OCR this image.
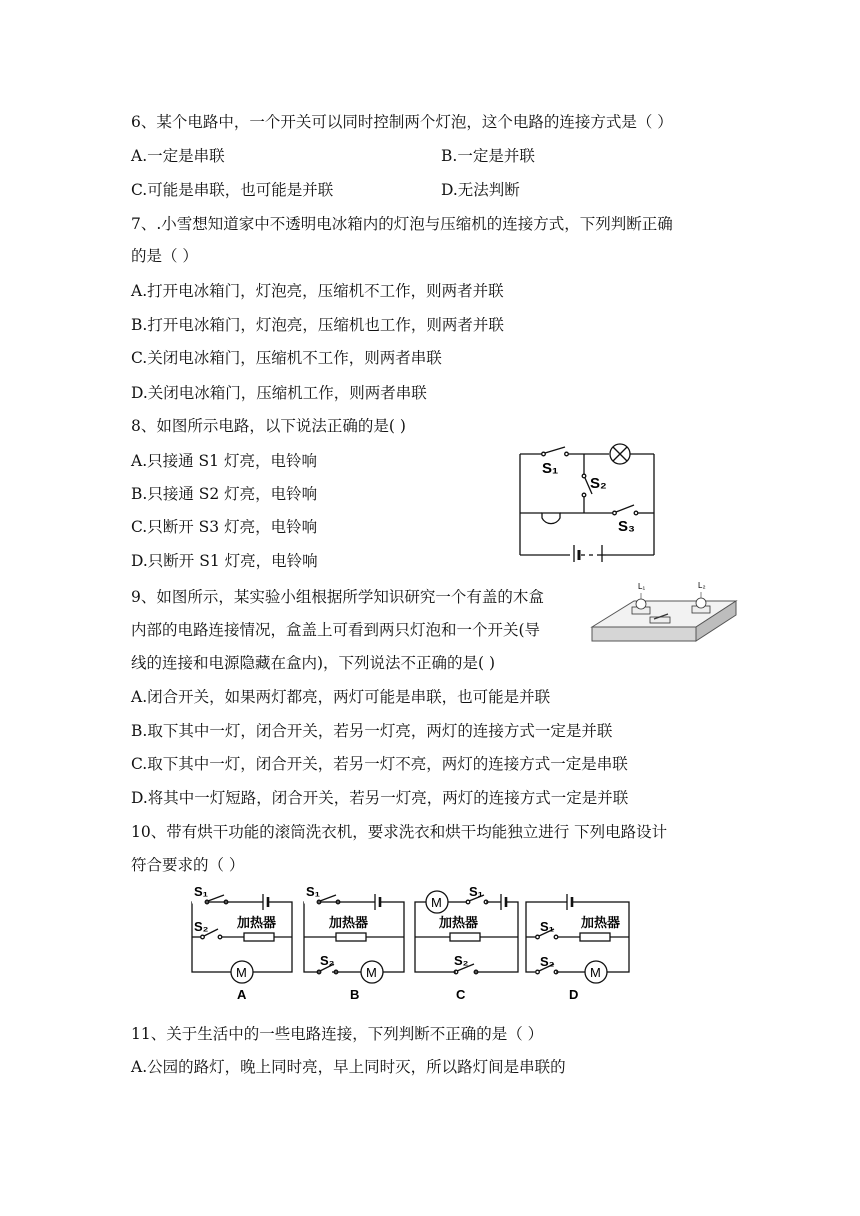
6、某个电路中，一个开关可以同时控制两个灯泡，这个电路的连接方式是（ ）
A.一定是串联	B.一定是并联
C.可能是串联，也可能是并联	D.无法判断
7、.小雪想知道家中不透明电冰箱内的灯泡与压缩机的连接方式，下列判断正确
的是（ ）
A.打开电冰箱门，灯泡亮，压缩机不工作，则两者并联
B.打开电冰箱门，灯泡亮，压缩机也工作，则两者并联
C.关闭电冰箱门，压缩机不工作，则两者串联
D.关闭电冰箱门，压缩机工作，则两者串联
8、如图所示电路，以下说法正确的是( )
A.只接通 S1 灯亮，电铃响
B.只接通 S2 灯亮，电铃响
C.只断开 S3 灯亮，电铃响
D.只断开 S1 灯亮，电铃响
S₁
S₂
S₃
9、如图所示，某实验小组根据所学知识研究一个有盖的木盒
内部的电路连接情况，盒盖上可看到两只灯泡和一个开关(导
线的连接和电源隐藏在盒内)，下列说法不正确的是( )
L₁	L₂
A.闭合开关，如果两灯都亮，两灯可能是串联，也可能是并联
B.取下其中一灯，闭合开关，若另一灯亮，两灯的连接方式一定是并联
C.取下其中一灯，闭合开关，若另一灯不亮，两灯的连接方式一定是串联
D.将其中一灯短路，闭合开关，若另一灯亮，两灯的连接方式一定是并联
10、带有烘干功能的滚筒洗衣机，要求洗衣和烘干均能独立进行 下列电路设计
符合要求的（ ）
S₁
S₂ 加热器
M
A
S₁
加热器
S₂
M
B
M
S₁
加热器
S₂
C
加热器
S₁
S₂
M
D
11、关于生活中的一些电路连接，下列判断不正确的是（ ）
A.公园的路灯，晚上同时亮，早上同时灭，所以路灯间是串联的
